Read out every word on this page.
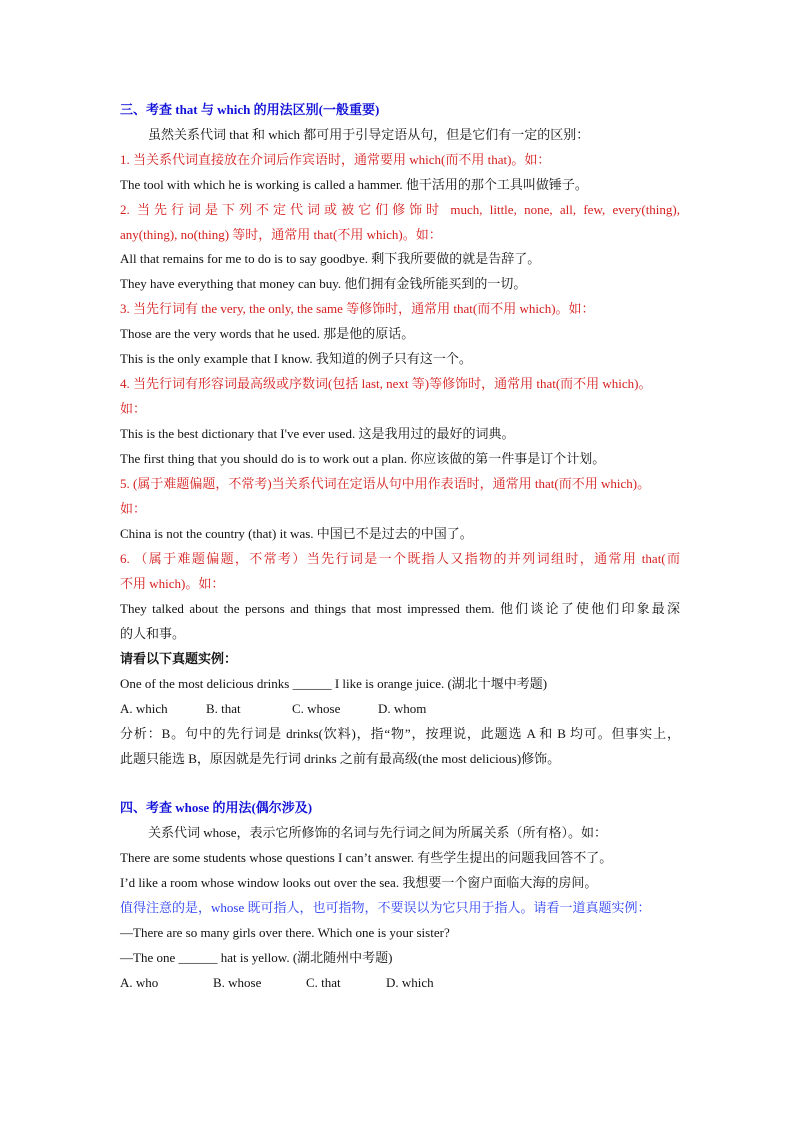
三、考查 that 与 which 的用法区别(一般重要)
虽然关系代词 that 和 which 都可用于引导定语从句，但是它们有一定的区别：
1. 当关系代词直接放在介词后作宾语时，通常要用 which(而不用 that)。如：
The tool with which he is working is called a hammer. 他干活用的那个工具叫做锤子。
2. 当先行词是下列不定代词或被它们修饰时 much, little, none, all, few, every(thing),
any(thing), no(thing) 等时，通常用 that(不用 which)。如：
All that remains for me to do is to say goodbye. 剩下我所要做的就是告辞了。
They have everything that money can buy. 他们拥有金钱所能买到的一切。
3. 当先行词有 the very, the only, the same 等修饰时，通常用 that(而不用 which)。如：
Those are the very words that he used. 那是他的原话。
This is the only example that I know. 我知道的例子只有这一个。
4. 当先行词有形容词最高级或序数词(包括 last, next 等)等修饰时，通常用 that(而不用 which)。
如：
This is the best dictionary that I've ever used. 这是我用过的最好的词典。
The first thing that you should do is to work out a plan. 你应该做的第一件事是订个计划。
5. (属于难题偏题，不常考)当关系代词在定语从句中用作表语时，通常用 that(而不用 which)。
如：
China is not the country (that) it was. 中国已不是过去的中国了。
6. （属于难题偏题，不常考）当先行词是一个既指人又指物的并列词组时，通常用 that(而
不用 which)。如：
They talked about the persons and things that most impressed them. 他们谈论了使他们印象最深
的人和事。
请看以下真题实例：
One of the most delicious drinks ______ I like is orange juice. (湖北十堰中考题)
A. which	B. that	C. whose	D. whom
分析：B。句中的先行词是 drinks(饮料)，指“物”，按理说，此题选 A 和 B 均可。但事实上，
此题只能选 B，原因就是先行词 drinks 之前有最高级(the most delicious)修饰。
四、考查 whose 的用法(偶尔涉及)
关系代词 whose，表示它所修饰的名词与先行词之间为所属关系（所有格）。如：
There are some students whose questions I can’t answer. 有些学生提出的问题我回答不了。
I’d like a room whose window looks out over the sea. 我想要一个窗户面临大海的房间。
值得注意的是，whose 既可指人，也可指物，不要误以为它只用于指人。请看一道真题实例：
—There are so many girls over there. Which one is your sister?
—The one ______ hat is yellow. (湖北随州中考题)
A. who	B. whose	C. that	D. which
